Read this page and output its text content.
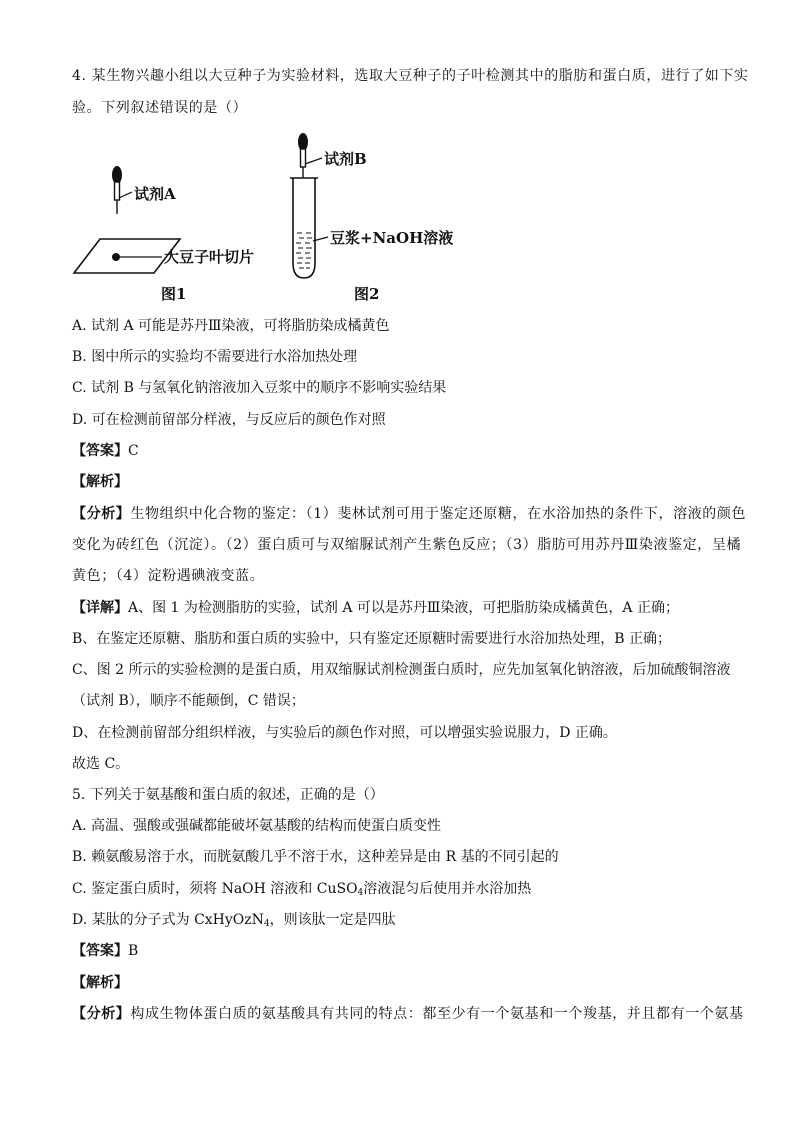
4. 某生物兴趣小组以大豆种子为实验材料，选取大豆种子的子叶检测其中的脂肪和蛋白质，进行了如下实
验。下列叙述错误的是（）
试剂A
大豆子叶切片
试剂B
豆浆+NaOH溶液
图1	图2
A. 试剂 A 可能是苏丹Ⅲ染液，可将脂肪染成橘黄色
B. 图中所示的实验均不需要进行水浴加热处理
C. 试剂 B 与氢氧化钠溶液加入豆浆中的顺序不影响实验结果
D. 可在检测前留部分样液，与反应后的颜色作对照
【答案】C
【解析】
【分析】生物组织中化合物的鉴定：（1）斐林试剂可用于鉴定还原糖，在水浴加热的条件下，溶液的颜色
变化为砖红色（沉淀）。（2）蛋白质可与双缩脲试剂产生紫色反应；（3）脂肪可用苏丹Ⅲ染液鉴定，呈橘
黄色；（4）淀粉遇碘液变蓝。
【详解】A、图 1 为检测脂肪的实验，试剂 A 可以是苏丹Ⅲ染液，可把脂肪染成橘黄色，A 正确；
B、在鉴定还原糖、脂肪和蛋白质的实验中，只有鉴定还原糖时需要进行水浴加热处理，B 正确；
C、图 2 所示的实验检测的是蛋白质，用双缩脲试剂检测蛋白质时，应先加氢氧化钠溶液，后加硫酸铜溶液
（试剂 B），顺序不能颠倒，C 错误；
D、在检测前留部分组织样液，与实验后的颜色作对照，可以增强实验说服力，D 正确。
故选 C。
5. 下列关于氨基酸和蛋白质的叙述，正确的是（）
A. 高温、强酸或强碱都能破坏氨基酸的结构而使蛋白质变性
B. 赖氨酸易溶于水，而胱氨酸几乎不溶于水，这种差异是由 R 基的不同引起的
C. 鉴定蛋白质时，须将 NaOH 溶液和 CuSO$_4$溶液混匀后使用并水浴加热
D. 某肽的分子式为 CxHyOzN$_4$，则该肽一定是四肽
【答案】B
【解析】
【分析】构成生物体蛋白质的氨基酸具有共同的特点：都至少有一个氨基和一个羧基，并且都有一个氨基
